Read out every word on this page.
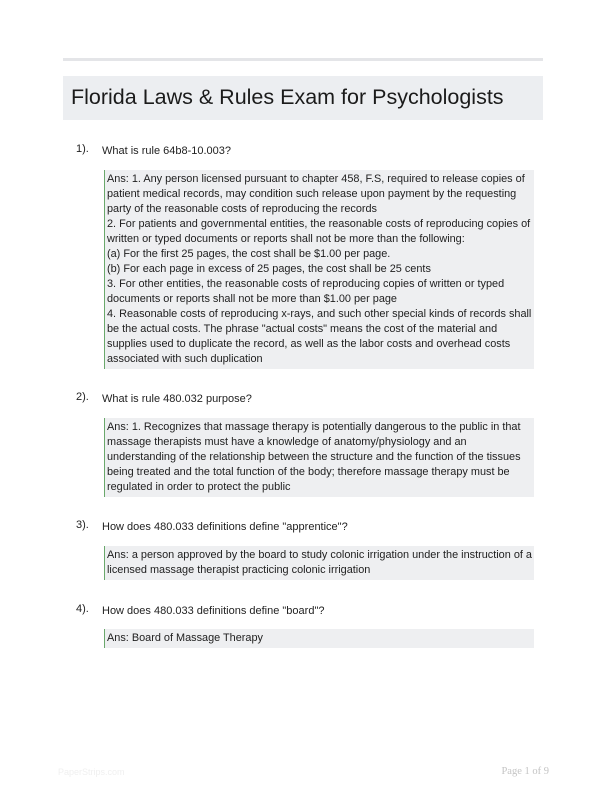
Florida Laws & Rules Exam for Psychologists
1). What is rule 64b8-10.003?
Ans: 1. Any person licensed pursuant to chapter 458, F.S, required to release copies of
patient medical records, may condition such release upon payment by the requesting
party of the reasonable costs of reproducing the records
2. For patients and governmental entities, the reasonable costs of reproducing copies of
written or typed documents or reports shall not be more than the following:
(a) For the first 25 pages, the cost shall be $1.00 per page.
(b) For each page in excess of 25 pages, the cost shall be 25 cents
3. For other entities, the reasonable costs of reproducing copies of written or typed
documents or reports shall not be more than $1.00 per page
4. Reasonable costs of reproducing x-rays, and such other special kinds of records shall
be the actual costs. The phrase "actual costs" means the cost of the material and
supplies used to duplicate the record, as well as the labor costs and overhead costs
associated with such duplication
2). What is rule 480.032 purpose?
Ans: 1. Recognizes that massage therapy is potentially dangerous to the public in that
massage therapists must have a knowledge of anatomy/physiology and an
understanding of the relationship between the structure and the function of the tissues
being treated and the total function of the body; therefore massage therapy must be
regulated in order to protect the public
3). How does 480.033 definitions define "apprentice"?
Ans: a person approved by the board to study colonic irrigation under the instruction of a
licensed massage therapist practicing colonic irrigation
4). How does 480.033 definitions define "board"?
Ans: Board of Massage Therapy
PaperStrips.com	Page 1 of 9
